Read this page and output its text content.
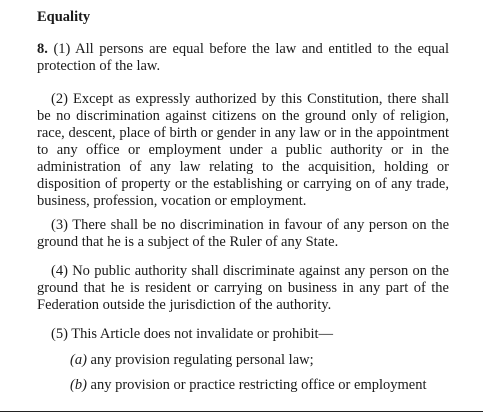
Equality
8. (1) All persons are equal before the law and entitled to the equal protection of the law.
(2) Except as expressly authorized by this Constitution, there shall be no discrimination against citizens on the ground only of religion, race, descent, place of birth or gender in any law or in the appointment to any office or employment under a public authority or in the administration of any law relating to the acquisition, holding or disposition of property or the establishing or carrying on of any trade, business, profession, vocation or employment.
(3) There shall be no discrimination in favour of any person on the ground that he is a subject of the Ruler of any State.
(4) No public authority shall discriminate against any person on the ground that he is resident or carrying on business in any part of the Federation outside the jurisdiction of the authority.
(5) This Article does not invalidate or prohibit—
(a) any provision regulating personal law;
(b) any provision or practice restricting office or employment
